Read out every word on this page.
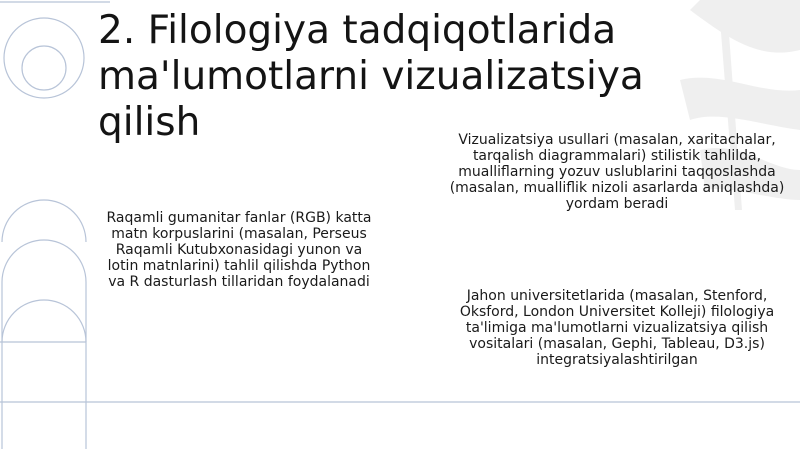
2. Filologiya tadqiqotlarida ma'lumotlarni vizualizatsiya qilish	Vizualizatsiya usullari (masalan, xaritachalar, tarqalish diagrammalari) stilistik tahlilda, mualliflarning yozuv uslublarini taqqoslashda (masalan, mualliflik nizoli asarlarda aniqlashda) yordam beradi

Raqamli gumanitar fanlar (RGB) katta matn korpuslarini (masalan, Perseus Raqamli Kutubxonasidagi yunon va lotin matnlarini) tahlil qilishda Python va R dasturlash tillaridan foydalanadi

Jahon universitetlarida (masalan, Stenford, Oksford, London Universitet Kolleji) filologiya ta'limiga ma'lumotlarni vizualizatsiya qilish vositalari (masalan, Gephi, Tableau, D3.js) integratsiyalashtirilgan
